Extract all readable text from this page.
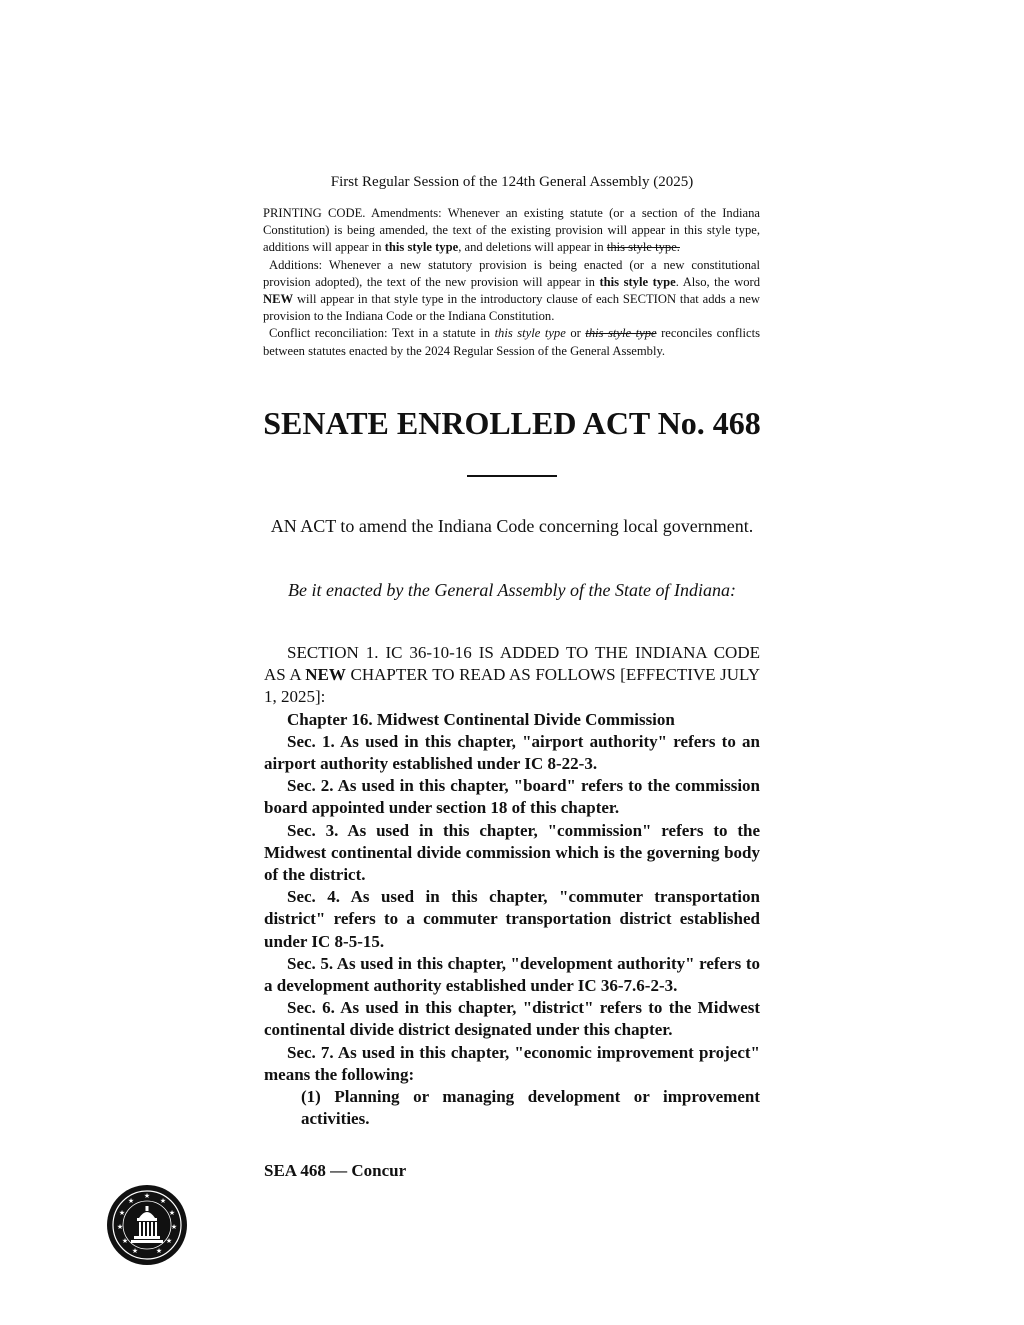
First Regular Session of the 124th General Assembly (2025)

PRINTING CODE. Amendments: Whenever an existing statute (or a section of the Indiana Constitution) is being amended, the text of the existing provision will appear in this style type, additions will appear in this style type, and deletions will appear in this style type.

Additions: Whenever a new statutory provision is being enacted (or a new constitutional provision adopted), the text of the new provision will appear in this style type. Also, the word NEW will appear in that style type in the introductory clause of each SECTION that adds a new provision to the Indiana Code or the Indiana Constitution.

Conflict reconciliation: Text in a statute in this style type or this style type reconciles conflicts between statutes enacted by the 2024 Regular Session of the General Assembly.

SENATE ENROLLED ACT No. 468
AN ACT to amend the Indiana Code concerning local government.
Be it enacted by the General Assembly of the State of Indiana:

SECTION 1. IC 36-10-16 IS ADDED TO THE INDIANA CODE AS A NEW CHAPTER TO READ AS FOLLOWS [EFFECTIVE JULY 1, 2025]:

Chapter 16. Midwest Continental Divide Commission

Sec. 1. As used in this chapter, "airport authority" refers to an airport authority established under IC 8-22-3.

Sec. 2. As used in this chapter, "board" refers to the commission board appointed under section 18 of this chapter.

Sec. 3. As used in this chapter, "commission" refers to the Midwest continental divide commission which is the governing body of the district.

Sec. 4. As used in this chapter, "commuter transportation district" refers to a commuter transportation district established under IC 8-5-15.

Sec. 5. As used in this chapter, "development authority" refers to a development authority established under IC 36-7.6-2-3.

Sec. 6. As used in this chapter, "district" refers to the Midwest continental divide district designated under this chapter.

Sec. 7. As used in this chapter, "economic improvement project" means the following:

(1) Planning or managing development or improvement activities.

SEA 468 — Concur
★
★
★
★
★
★
★
★
★
★
★
